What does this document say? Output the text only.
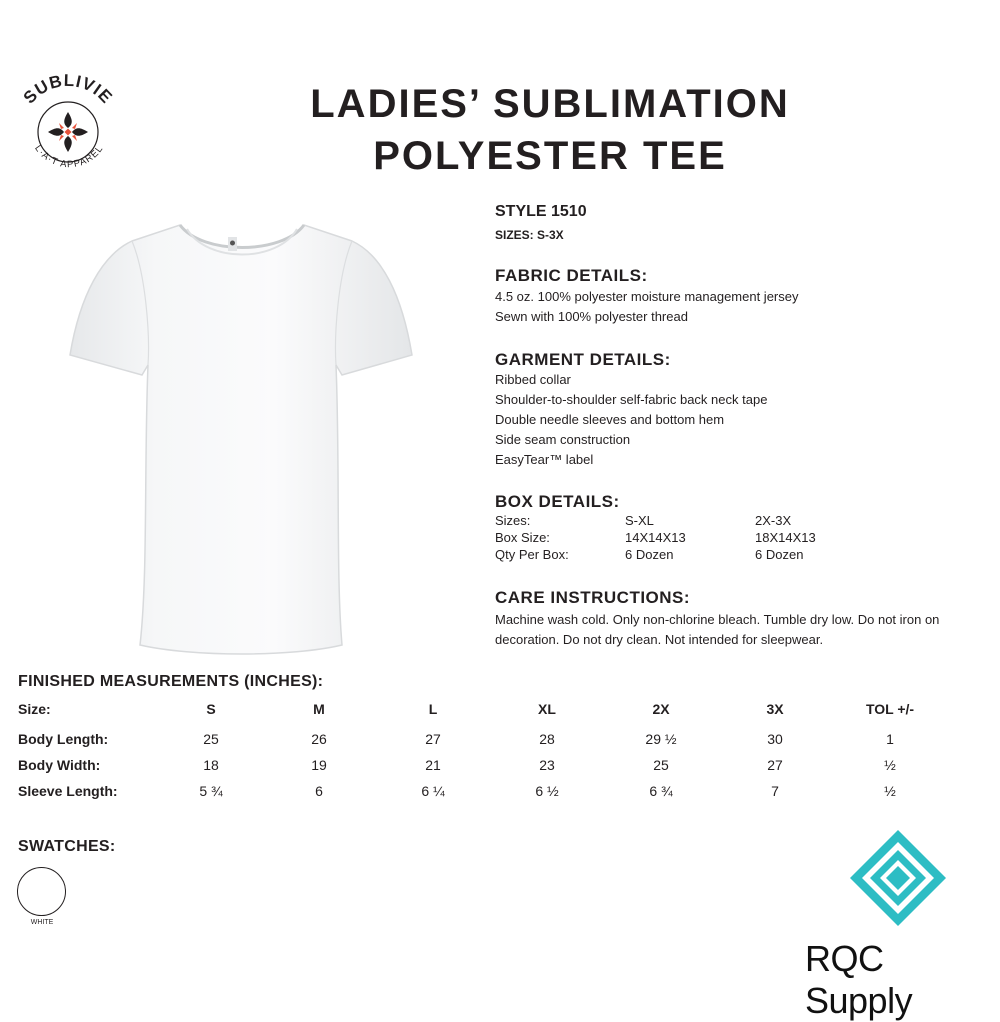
SUBLIVIE
L·A·T APPAREL
LADIES’ SUBLIMATION
POLYESTER TEE
STYLE 1510
SIZES: S-3X
FABRIC DETAILS:
4.5 oz. 100% polyester moisture management jersey
Sewn with 100% polyester thread
GARMENT DETAILS:
Ribbed collar
Shoulder-to-shoulder self-fabric back neck tape
Double needle sleeves and bottom hem
Side seam construction
EasyTear™ label
BOX DETAILS:
Sizes:	S-XL	2X-3X
Box Size:	14X14X13	18X14X13
Qty Per Box:	6 Dozen	6 Dozen
CARE INSTRUCTIONS:
Machine wash cold. Only non-chlorine bleach. Tumble dry low. Do not iron on decoration. Do not dry clean. Not intended for sleepwear.
FINISHED MEASUREMENTS (INCHES):
Size:	S	M	L	XL	2X	3X	TOL +/-
Body Length:	25	26	27	28	29 ½	30	1
Body Width:	18	19	21	23	25	27	½
Sleeve Length:	5 ¾	6	6 ¼	6 ½	6 ¾	7	½
SWATCHES:
WHITE
RQC Supply
